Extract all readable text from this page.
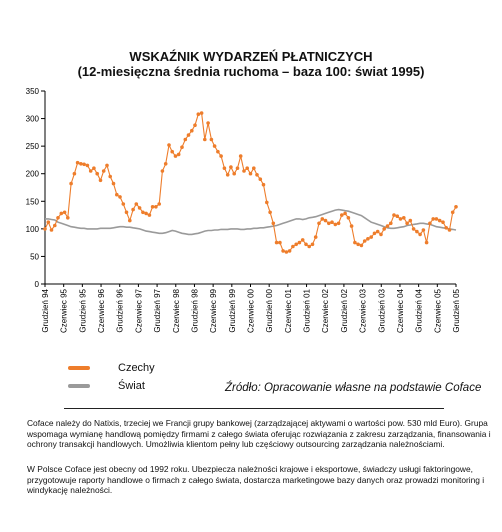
WSKAŹNIK WYDARZEŃ PŁATNICZYCH
(12-miesięczna średnia ruchoma – baza 100: świat 1995)
0
50
100
150
200
250
300
350
Grudzień 94 Czerwiec 95 Grudzień 95 Czerwiec 96 Grudzień 96 Czerwiec 97 Grudzień 97 Czerwiec 98 Grudzień 98 Czerwiec 99 Grudzień 99 Czerwiec 00 Grudzień 00 Czerwiec 01 Grudzień 01 Czerwiec 02 Grudzień 02 Czerwiec 03 Grudzień 03 Czerwiec 04 Grudzień 04 Czerwiec 05 Grudzień 05
Czechy
Świat	Źródło: Opracowanie własne na podstawie Coface

Coface należy do Natixis, trzeciej we Francji grupy bankowej (zarządzającej aktywami o wartości pow. 530 mld Euro). Grupa wspomaga wymianę handlową pomiędzy firmami z całego świata oferując rozwiązania z zakresu zarządzania, finansowania i ochrony transakcji handlowych. Umożliwia klientom pełny lub częściowy outsourcing zarządzania należnościami.

W Polsce Coface jest obecny od 1992 roku. Ubezpiecza należności krajowe i eksportowe, świadczy usługi faktoringowe, przygotowuje raporty handlowe o firmach z całego świata, dostarcza marketingowe bazy danych oraz prowadzi monitoring i windykację należności.
